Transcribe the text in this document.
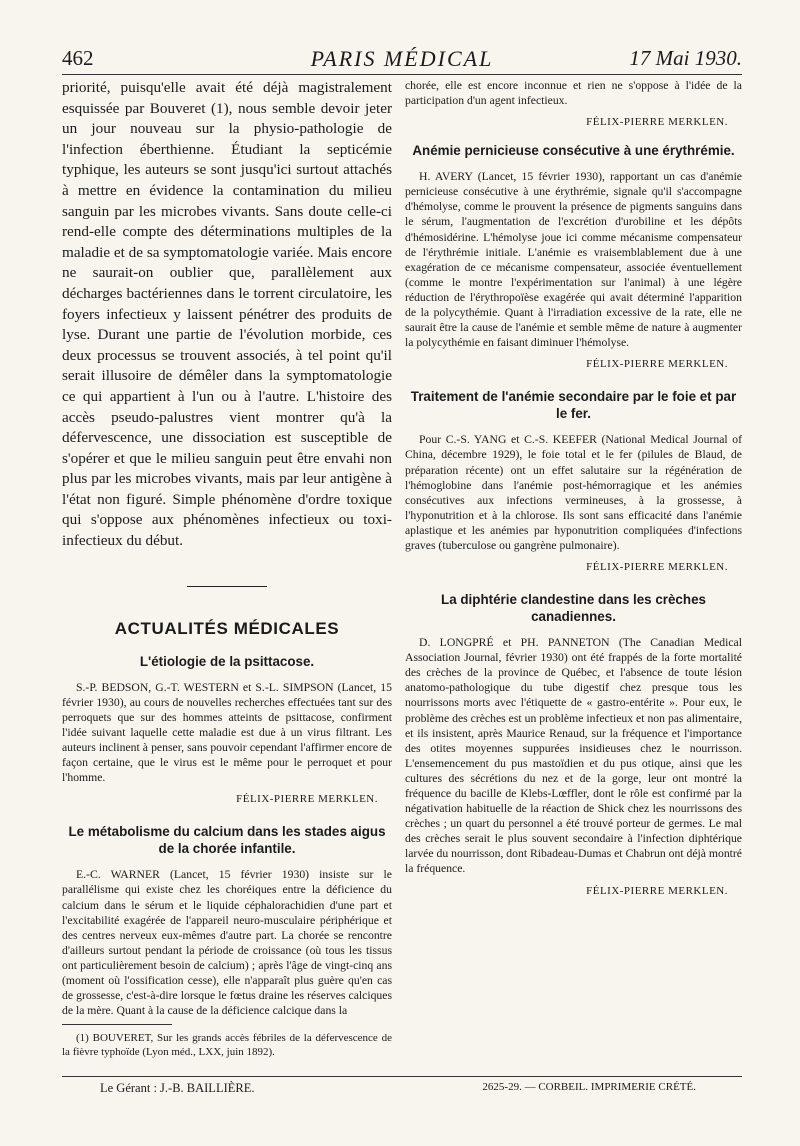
462	PARIS MÉDICAL	17 Mai 1930.

priorité, puisqu'elle avait été déjà magistralement esquissée par Bouveret (1), nous semble devoir jeter un jour nouveau sur la physio-pathologie de l'infection éberthienne. Étudiant la septicémie typhique, les auteurs se sont jusqu'ici surtout attachés à mettre en évidence la contamination du milieu sanguin par les microbes vivants. Sans doute celle-ci rend-elle compte des déterminations multiples de la maladie et de sa symptomatologie variée. Mais encore ne saurait-on oublier que, parallèlement aux décharges bactériennes dans le torrent circulatoire, les foyers infectieux y laissent pénétrer des produits de lyse. Durant une partie de l'évolution morbide, ces deux processus se trouvent associés, à tel point qu'il serait illusoire de démêler dans la symptomatologie ce qui appartient à l'un ou à l'autre. L'histoire des accès pseudo-palustres vient montrer qu'à la défervescence, une dissociation est susceptible de s'opérer et que le milieu sanguin peut être envahi non plus par les microbes vivants, mais par leur antigène à l'état non figuré. Simple phénomène d'ordre toxique qui s'oppose aux phénomènes infectieux ou toxi-infectieux du début.

ACTUALITÉS MÉDICALES
L'étiologie de la psittacose.

S.-P. BEDSON, G.-T. WESTERN et S.-L. SIMPSON (Lancet, 15 février 1930), au cours de nouvelles recherches effectuées tant sur des perroquets que sur des hommes atteints de psittacose, confirment l'idée suivant laquelle cette maladie est due à un virus filtrant. Les auteurs inclinent à penser, sans pouvoir cependant l'affirmer encore de façon certaine, que le virus est le même pour le perroquet et pour l'homme.

FÉLIX-PIERRE MERKLEN.
Le métabolisme du calcium dans les stades aigus de la chorée infantile.

E.-C. WARNER (Lancet, 15 février 1930) insiste sur le parallélisme qui existe chez les choréiques entre la déficience du calcium dans le sérum et le liquide céphalorachidien d'une part et l'excitabilité exagérée de l'appareil neuro-musculaire périphérique et des centres nerveux eux-mêmes d'autre part. La chorée se rencontre d'ailleurs surtout pendant la période de croissance (où tous les tissus ont particulièrement besoin de calcium) ; après l'âge de vingt-cinq ans (moment où l'ossification cesse), elle n'apparaît plus guère qu'en cas de grossesse, c'est-à-dire lorsque le fœtus draine les réserves calciques de la mère. Quant à la cause de la déficience calcique dans la

(1) BOUVERET, Sur les grands accès fébriles de la défervescence de la fièvre typhoïde (Lyon méd., LXX, juin 1892).

chorée, elle est encore inconnue et rien ne s'oppose à l'idée de la participation d'un agent infectieux.

FÉLIX-PIERRE MERKLEN.
Anémie pernicieuse consécutive à une érythrémie.

H. AVERY (Lancet, 15 février 1930), rapportant un cas d'anémie pernicieuse consécutive à une érythrémie, signale qu'il s'accompagne d'hémolyse, comme le prouvent la présence de pigments sanguins dans le sérum, l'augmentation de l'excrétion d'urobiline et les dépôts d'hémosidérine. L'hémolyse joue ici comme mécanisme compensateur de l'érythrémie initiale. L'anémie es vraisemblablement due à une exagération de ce mécanisme compensateur, associée éventuellement (comme le montre l'expérimentation sur l'animal) à une légère réduction de l'érythropoïèse exagérée qui avait déterminé l'apparition de la polycythémie. Quant à l'irradiation excessive de la rate, elle ne saurait être la cause de l'anémie et semble même de nature à augmenter la polycythémie en faisant diminuer l'hémolyse.

FÉLIX-PIERRE MERKLEN.
Traitement de l'anémie secondaire par le foie et par le fer.

Pour C.-S. YANG et C.-S. KEEFER (National Medical Journal of China, décembre 1929), le foie total et le fer (pilules de Blaud, de préparation récente) ont un effet salutaire sur la régénération de l'hémoglobine dans l'anémie post-hémorragique et les anémies consécutives aux infections vermineuses, à la grossesse, à l'hyponutrition et à la chlorose. Ils sont sans efficacité dans l'anémie aplastique et les anémies par hyponutrition compliquées d'infections graves (tuberculose ou gangrène pulmonaire).

FÉLIX-PIERRE MERKLEN.
La diphtérie clandestine dans les crèches canadiennes.

D. LONGPRÉ et PH. PANNETON (The Canadian Medical Association Journal, février 1930) ont été frappés de la forte mortalité des crèches de la province de Québec, et l'absence de toute lésion anatomo-pathologique du tube digestif chez presque tous les nourrissons morts avec l'étiquette de « gastro-entérite ». Pour eux, le problème des crèches est un problème infectieux et non pas alimentaire, et ils insistent, après Maurice Renaud, sur la fréquence et l'importance des otites moyennes suppurées insidieuses chez le nourrisson. L'ensemencement du pus mastoïdien et du pus otique, ainsi que les cultures des sécrétions du nez et de la gorge, leur ont montré la fréquence du bacille de Klebs-Lœffler, dont le rôle est confirmé par la négativation habituelle de la réaction de Shick chez les nourrissons des crèches ; un quart du personnel a été trouvé porteur de germes. Le mal des crèches serait le plus souvent secondaire à l'infection diphtérique larvée du nourrisson, dont Ribadeau-Dumas et Chabrun ont déjà montré la fréquence.

FÉLIX-PIERRE MERKLEN.
Le Gérant : J.-B. BAILLIÈRE.	2625-29. — CORBEIL. IMPRIMERIE CRÉTÉ.
